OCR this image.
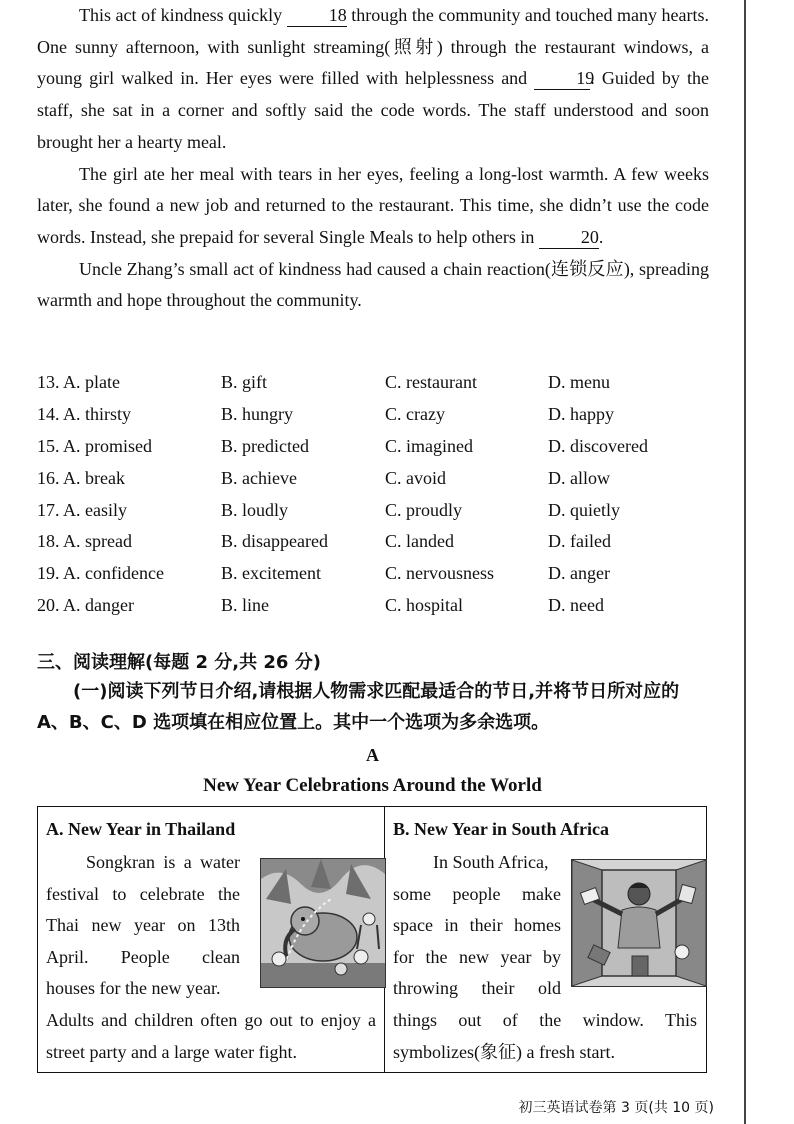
This act of kindness quickly	18 through the community and touched many hearts. One sunny afternoon, with sunlight streaming(照射) through the restaurant windows, a young girl walked in. Her eyes were filled with helplessness and	19. Guided by the staff, she sat in a corner and softly said the code words. The staff understood and soon brought her a hearty meal.

The girl ate her meal with tears in her eyes, feeling a long-lost warmth. A few weeks later, she found a new job and returned to the restaurant. This time, she didn’t use the code words. Instead, she prepaid for several Single Meals to help others in	20.

Uncle Zhang’s small act of kindness had caused a chain reaction(连锁反应), spreading warmth and hope throughout the community.

13. A. plate	B. gift	C. restaurant	D. menu
14. A. thirsty	B. hungry	C. crazy	D. happy
15. A. promised	B. predicted	C. imagined	D. discovered
16. A. break	B. achieve	C. avoid	D. allow
17. A. easily	B. loudly	C. proudly	D. quietly
18. A. spread	B. disappeared	C. landed	D. failed
19. A. confidence	B. excitement	C. nervousness	D. anger
20. A. danger	B. line	C. hospital	D. need
三、阅读理解(每题 2 分,共 26 分)
(一)阅读下列节日介绍,请根据人物需求匹配最适合的节日,并将节日所对应的 A、B、C、D 选项填在相应位置上。其中一个选项为多余选项。
A
New Year Celebrations Around the World
A. New Year in Thailand

Songkran is a water

festival to celebrate the

Thai new year on 13th

April. People clean

houses for the new year.

Adults and children often go out to enjoy a

street party and a large water fight.

B. New Year in South Africa

In South Africa,

some people make

space in their homes

for the new year by

throwing their old

things out of the window. This

symbolizes(象征) a fresh start.

初三英语试卷第 3 页(共 10 页)
